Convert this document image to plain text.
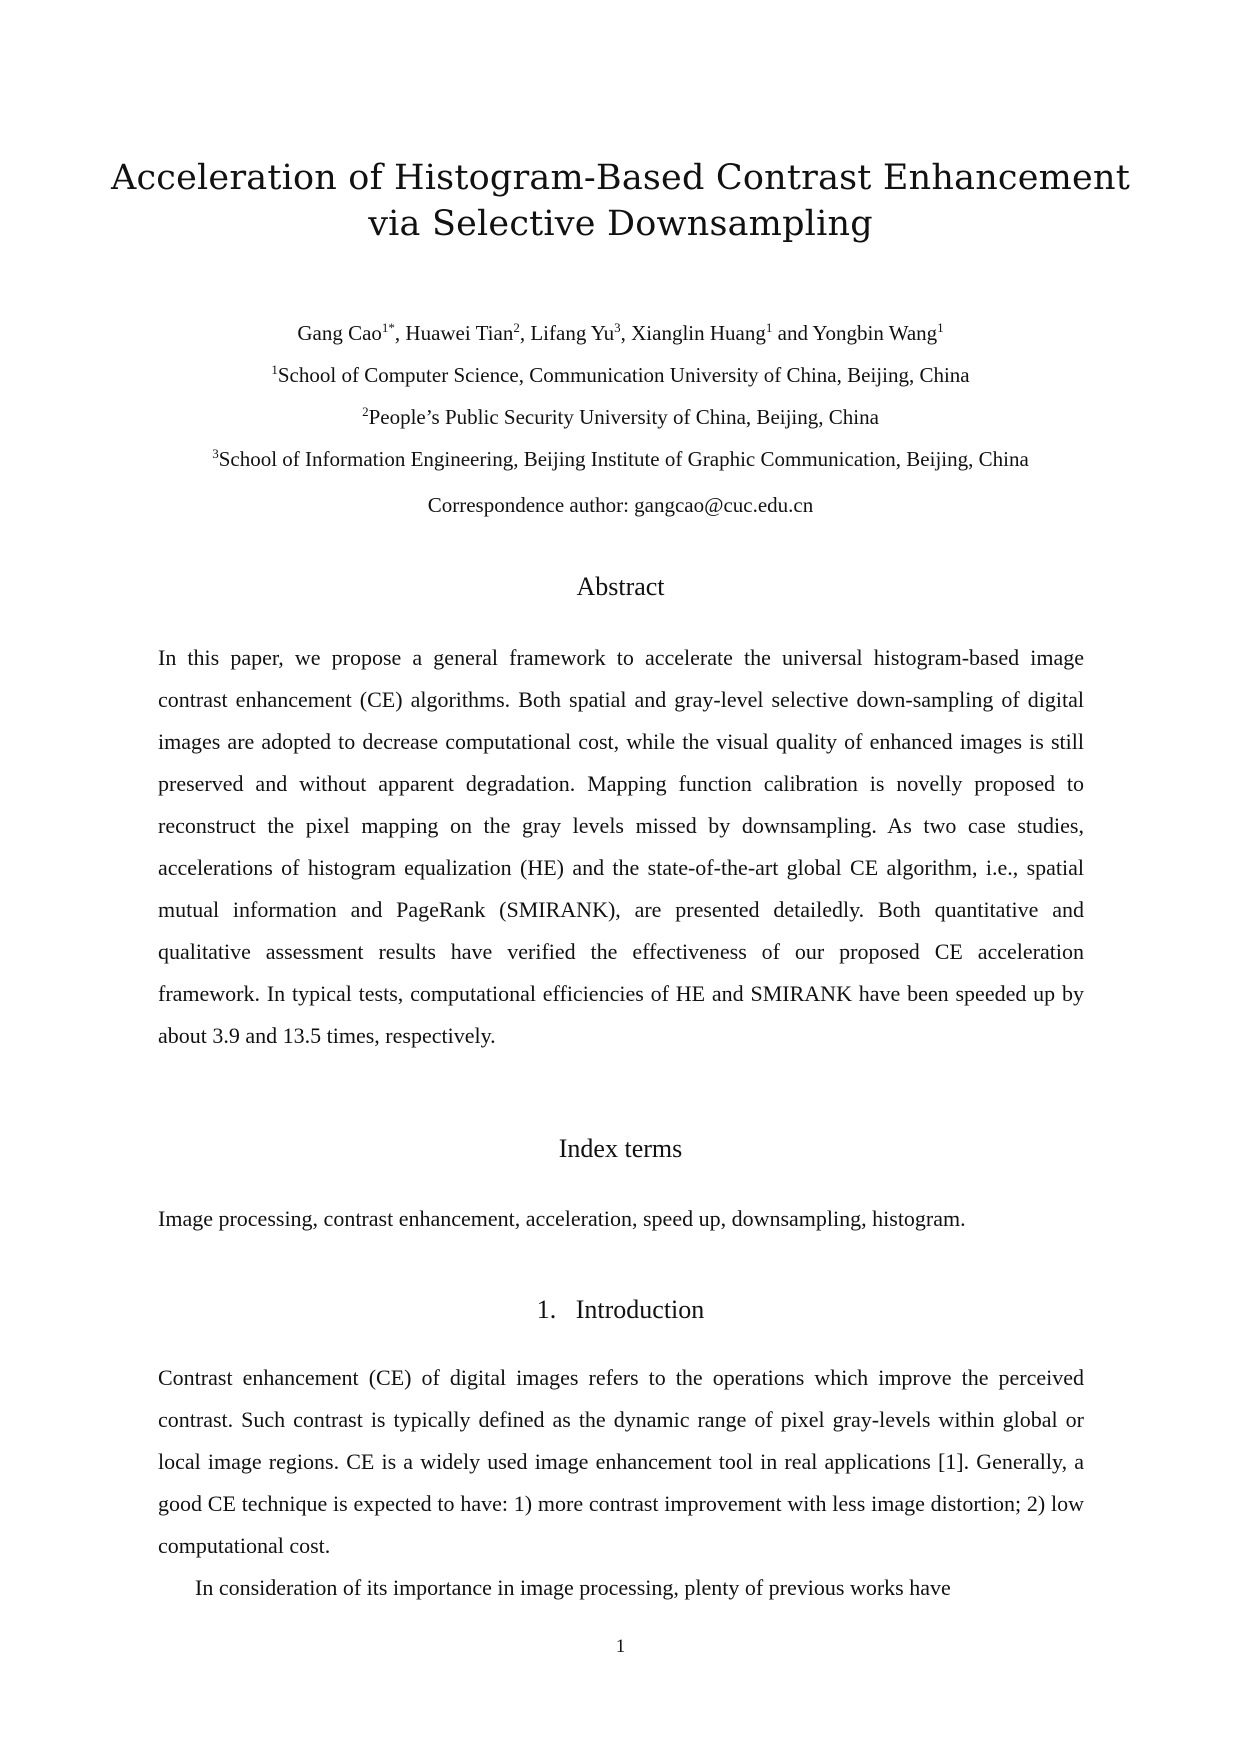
Acceleration of Histogram-Based Contrast Enhancement
via Selective Downsampling
Gang Cao$^{1*}$, Huawei Tian$^2$, Lifang Yu$^3$, Xianglin Huang$^1$ and Yongbin Wang$^1$
$^1$School of Computer Science, Communication University of China, Beijing, China
$^2$People’s Public Security University of China, Beijing, China
$^3$School of Information Engineering, Beijing Institute of Graphic Communication, Beijing, China
Correspondence author: gangcao@cuc.edu.cn
Abstract

In this paper, we propose a general framework to accelerate the universal histogram-based image contrast enhancement (CE) algorithms. Both spatial and gray-level selective down-sampling of digital images are adopted to decrease computational cost, while the visual quality of enhanced images is still preserved and without apparent degradation. Mapping function calibration is novelly proposed to reconstruct the pixel mapping on the gray levels missed by downsampling. As two case studies, accelerations of histogram equalization (HE) and the state-of-the-art global CE algorithm, i.e., spatial mutual information and PageRank (SMIRANK), are presented detailedly. Both quantitative and qualitative assessment results have verified the effectiveness of our proposed CE acceleration framework. In typical tests, computational efficiencies of HE and SMIRANK have been speeded up by about 3.9 and 13.5 times, respectively.

Index terms

Image processing, contrast enhancement, acceleration, speed up, downsampling, histogram.

1.   Introduction

Contrast enhancement (CE) of digital images refers to the operations which improve the perceived contrast. Such contrast is typically defined as the dynamic range of pixel gray-levels within global or local image regions. CE is a widely used image enhancement tool in real applications [1]. Generally, a good CE technique is expected to have: 1) more contrast improvement with less image distortion; 2) low computational cost.

In consideration of its importance in image processing, plenty of previous works have

1
